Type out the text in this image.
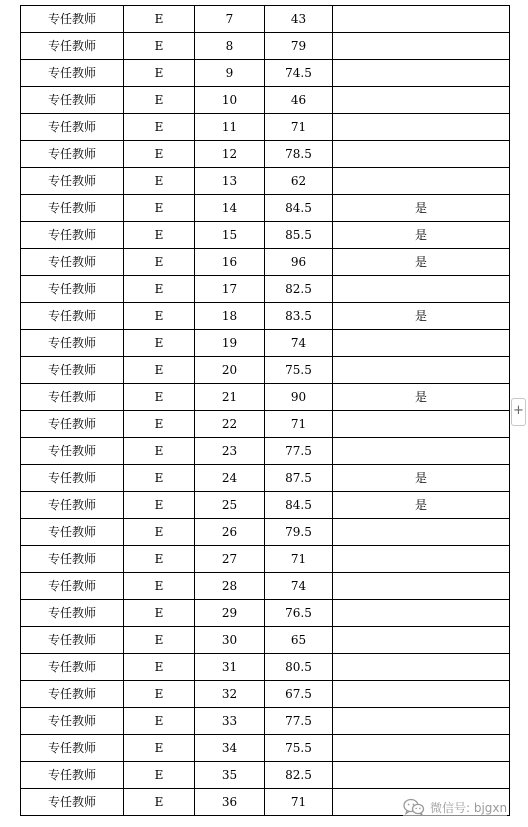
专任教师	E	7	43	
专任教师	E	8	79	
专任教师	E	9	74.5	
专任教师	E	10	46	
专任教师	E	11	71	
专任教师	E	12	78.5	
专任教师	E	13	62	
专任教师	E	14	84.5	是
专任教师	E	15	85.5	是
专任教师	E	16	96	是
专任教师	E	17	82.5	
专任教师	E	18	83.5	是
专任教师	E	19	74	
专任教师	E	20	75.5	
专任教师	E	21	90	是
专任教师	E	22	71	
专任教师	E	23	77.5	
专任教师	E	24	87.5	是
专任教师	E	25	84.5	是
专任教师	E	26	79.5	
专任教师	E	27	71	
专任教师	E	28	74	
专任教师	E	29	76.5	
专任教师	E	30	65	
专任教师	E	31	80.5	
专任教师	E	32	67.5	
专任教师	E	33	77.5	
专任教师	E	34	75.5	
专任教师	E	35	82.5	
专任教师	E	36	71	
+
微信号: bjgxn
